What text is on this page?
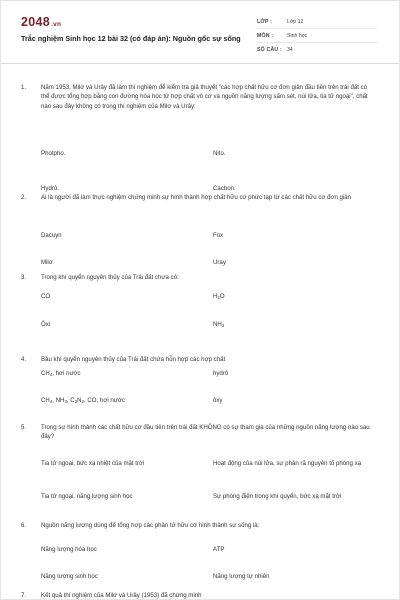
2048.vn
Trắc nghiệm Sinh học 12 bài 32 (có đáp án): Nguồn gốc sự sống
LỚP :	Lớp 12
MÔN :	Sinh học
SỐ CÂU : 34
1. Năm 1953, Milơ và Urây đã làm thí nghiệm để kiểm tra giả thuyết "các hợp chất hữu cơ đơn giản đầu tiên trên trái đất có thể được tổng hợp bằng con đường hóa học từ hợp chất vô cơ và nguồn năng lượng sấm sét, núi lửa, tia tử ngoại", chất nào sau đây không có trong thí nghiệm của Milơ và Urây:
Photpho.	Nito.
Hydrô.	Cacbon.
2. Ai là người đã làm thực nghiệm chứng minh sự hình thành hợp chất hữu cơ phức tạp từ các chất hữu cơ đơn giản
Dacuyn	Fox
Milơ	Uray
3. Trong khí quyển nguyên thủy của Trái đất chưa có:
CO	$H_2O$
Ôxi	$NH_3$
4. Bầu khí quyển nguyên thủy của Trái đất chứa hỗn hợp các hợp chất
$CH_4$, hơi nước	hydrô
$CH_4$, $NH_3$, $C_2N_2$, CO, hơi nước	ôxy
5. Trong sự hình thành các chất hữu cơ đầu tiên trên trái đất KHÔNG có sự tham gia của những nguồn năng lượng nào sau đây?
Tia tử ngoại, bức xạ nhiệt của mặt trời	Hoạt động của núi lửa, sự phân rã nguyên tố phóng xạ
Tia tử ngoại, năng lượng sinh học	Sự phóng điện trong khí quyển, bức xạ mặt trời
6. Nguồn năng lượng dùng để tổng hợp các phân tử hữu cơ hình thành sự sống là:
Năng lượng hóa học	ATP
Năng lượng sinh học	Năng lượng tự nhiên
7. Kết quả thí nghiệm của Milơ và Urây (1953) đã chứng minh
